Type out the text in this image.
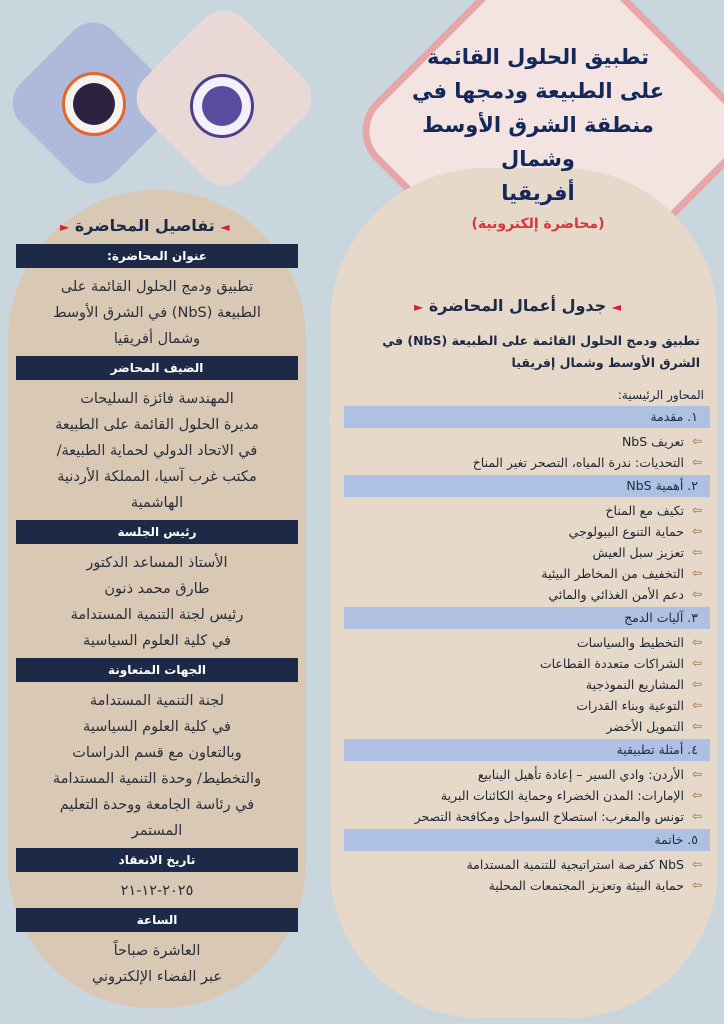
تطبيق الحلول القائمة
على الطبيعة ودمجها في
منطقة الشرق الأوسط وشمال
أفريقيا

(محاضرة إلكترونية)
◄ تفاصيل المحاضرة ►
عنوان المحاضرة:

تطبيق ودمج الحلول القائمة على
الطبيعة (NbS) في الشرق الأوسط
وشمال أفريقيا

الضيف المحاضر

المهندسة فائزة السليحات
مديرة الحلول القائمة على الطبيعة
في الاتحاد الدولي لحماية الطبيعة/
مكتب غرب آسيا، المملكة الأردنية
الهاشمية

رئيس الجلسة

الأستاذ المساعد الدكتور
طارق محمد ذنون
رئيس لجنة التنمية المستدامة
في كلية العلوم السياسية

الجهات المتعاونة

لجنة التنمية المستدامة
في كلية العلوم السياسية
وبالتعاون مع قسم الدراسات
والتخطيط/ وحدة التنمية المستدامة
في رئاسة الجامعة ووحدة التعليم
المستمر

تاريخ الانعقاد

٢٠٢٥-١٢-٢١

الساعة

العاشرة صباحاً
عبر الفضاء الإلكتروني

◄ جدول أعمال المحاضرة ►

تطبيق ودمج الحلول القائمة على الطبيعة (NbS) في
الشرق الأوسط وشمال إفريقيا

المحاور الرئيسية:
١. مقدمة

⇦
تعريف NbS

⇦
التحديات: ندرة المياه، التصحر تغير المناخ

٢. أهمية NbS

⇦
تكيف مع المناخ

⇦
حماية التنوع البيولوجي

⇦
تعزيز سبل العيش

⇦
التخفيف من المخاطر البيئية

⇦
دعم الأمن الغذائي والمائي

٣. آليات الدمج

⇦
التخطيط والسياسات

⇦
الشراكات متعددة القطاعات

⇦
المشاريع النموذجية

⇦
التوعية وبناء القدرات

⇦
التمويل الأخضر

٤. أمثلة تطبيقية

⇦
الأردن: وادي السير – إعادة تأهيل الينابيع

⇦
الإمارات: المدن الخضراء وحماية الكائنات البرية

⇦
تونس والمغرب: استصلاح السواحل ومكافحة التصحر

٥. خاتمة

⇦
NbS كفرصة استراتيجية للتنمية المستدامة

⇦
حماية البيئة وتعزيز المجتمعات المحلية
